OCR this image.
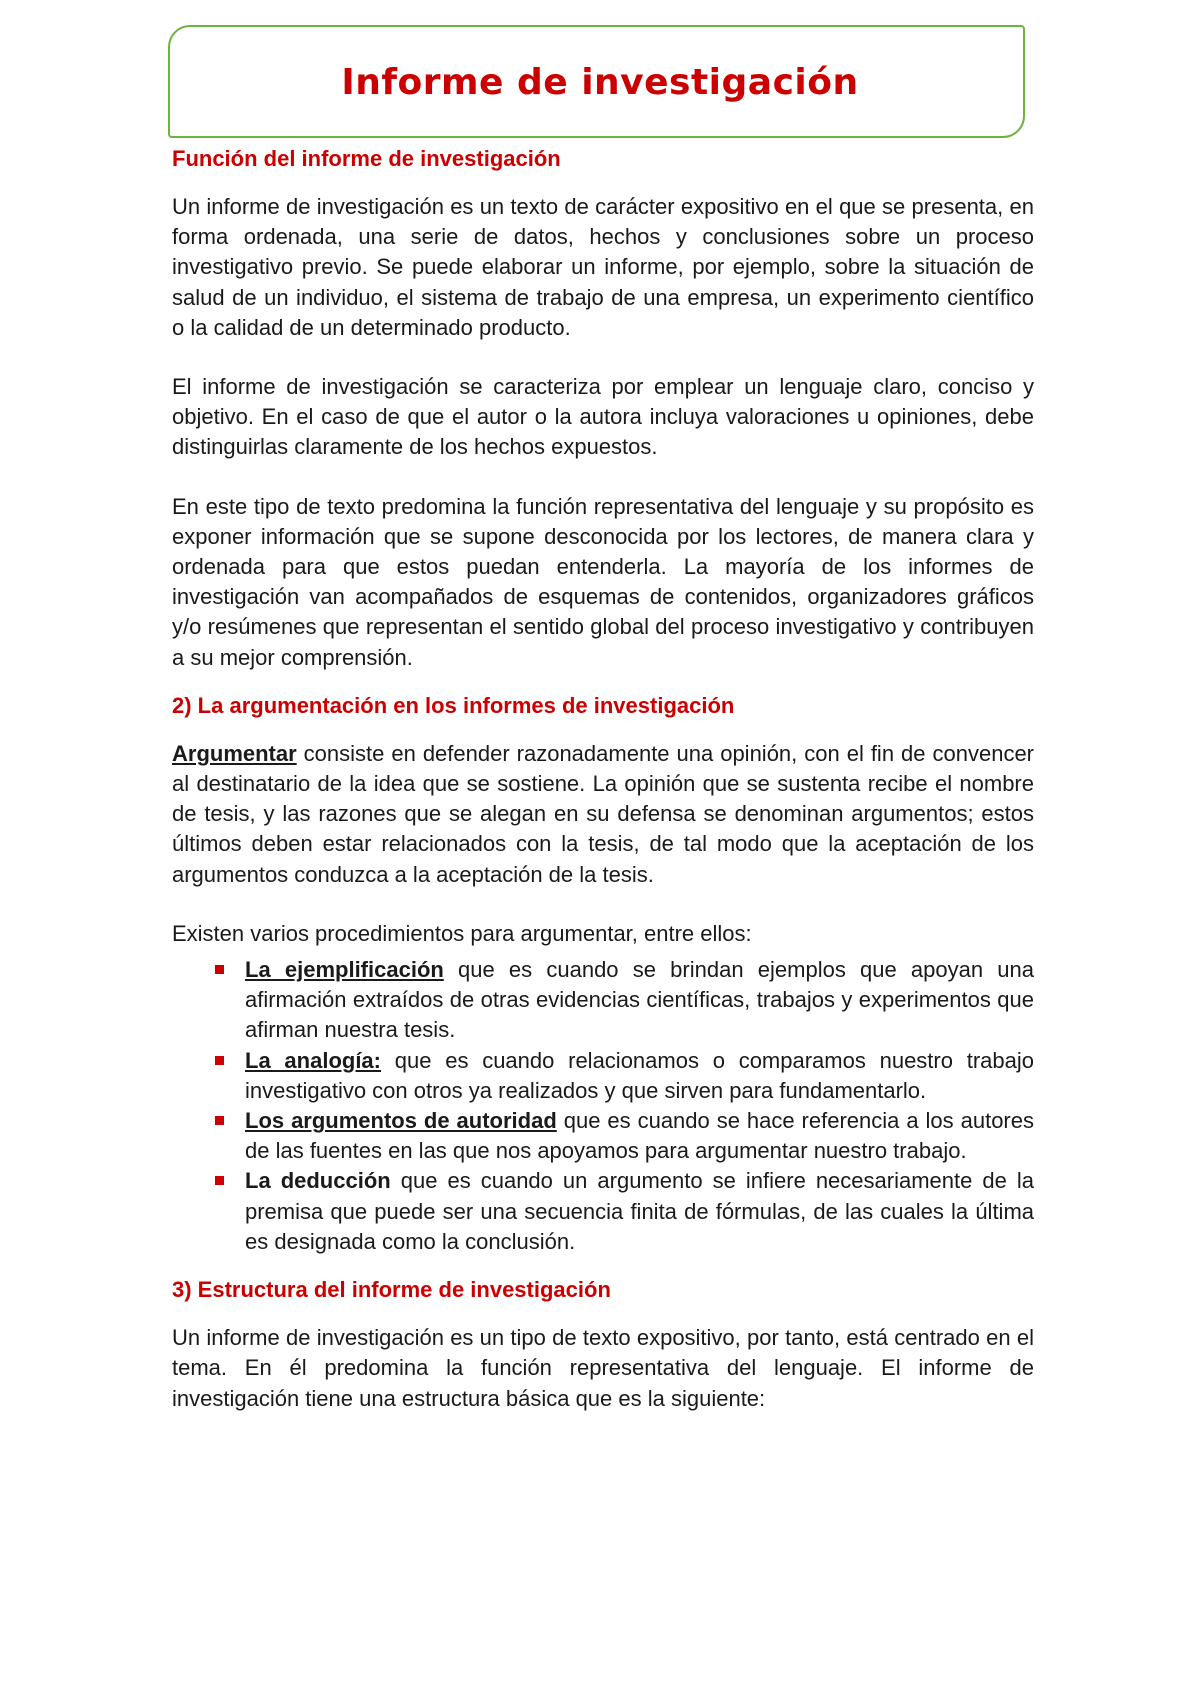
Informe de investigación
Función del informe de investigación

Un informe de investigación es un texto de carácter expositivo en el que se presenta, en forma ordenada, una serie de datos, hechos y conclusiones sobre un proceso investigativo previo. Se puede elaborar un informe, por ejemplo, sobre la situación de salud de un individuo, el sistema de trabajo de una empresa, un experimento científico o la calidad de un determinado producto.

El informe de investigación se caracteriza por emplear un lenguaje claro, conciso y objetivo. En el caso de que el autor o la autora incluya valoraciones u opiniones, debe distinguirlas claramente de los hechos expuestos.

En este tipo de texto predomina la función representativa del lenguaje y su propósito es exponer información que se supone desconocida por los lectores, de manera clara y ordenada para que estos puedan entenderla. La mayoría de los informes de investigación van acompañados de esquemas de contenidos, organizadores gráficos y/o resúmenes que representan el sentido global del proceso investigativo y contribuyen a su mejor comprensión.

2) La argumentación en los informes de investigación

Argumentar consiste en defender razonadamente una opinión, con el fin de convencer al destinatario de la idea que se sostiene. La opinión que se sustenta recibe el nombre de tesis, y las razones que se alegan en su defensa se denominan argumentos; estos últimos deben estar relacionados con la tesis, de tal modo que la aceptación de los argumentos conduzca a la aceptación de la tesis.

Existen varios procedimientos para argumentar, entre ellos:

La ejemplificación que es cuando se brindan ejemplos que apoyan una afirmación extraídos de otras evidencias científicas, trabajos y experimentos que afirman nuestra tesis.
La analogía: que es cuando relacionamos o comparamos nuestro trabajo investigativo con otros ya realizados y que sirven para fundamentarlo.
Los argumentos de autoridad que es cuando se hace referencia a los autores de las fuentes en las que nos apoyamos para argumentar nuestro trabajo.
La deducción que es cuando un argumento se infiere necesariamente de la premisa que puede ser una secuencia finita de fórmulas, de las cuales la última es designada como la conclusión.
3) Estructura del informe de investigación

Un informe de investigación es un tipo de texto expositivo, por tanto, está centrado en el tema. En él predomina la función representativa del lenguaje. El informe de investigación tiene una estructura básica que es la siguiente:
